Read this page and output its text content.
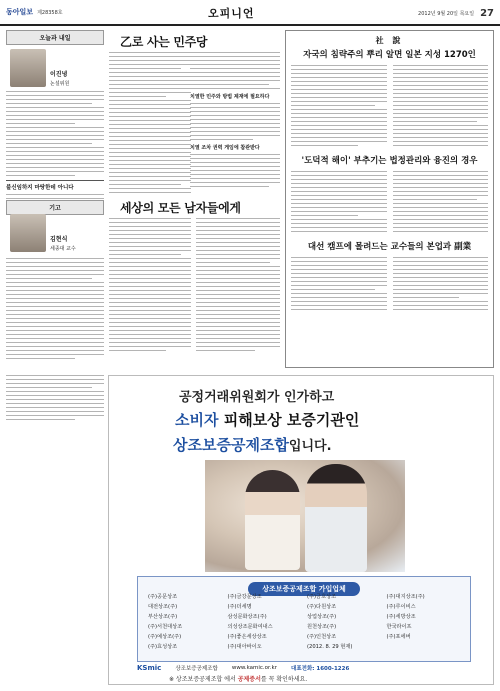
동아일보 제28358호	오피니언	2012년 9월 20일 목요일 27
오늘과 내일
이진녕
논설위원
불신임하지 마땅한데 아니다
乙로 사는 민주당
치열한 민주와 방법 제재에 필요하다
치열 조차 권력 게임에 참관받다
社 說
자국의 침략주의 뿌리 알면 일본 지성 1270인
'도덕적 해이' 부추기는 법정관리와 융진의 경우
대선 캠프에 몰려드는 교수들의 본업과 副業
기고
김현식
세종대 교수
세상의 모든 남자들에게
공정거래위원회가 인가하고
소비자 피해보상 보증기관인
상조보증공제조합입니다.
상조보증공제조합 가입업체
(주)공문상조	(주)금강문상조	(주)금호상조	(주)대지상조(주)
대전상조(주)	(주)더세명	(주)다원상조	(주)루이비스
부산상조(주)	삼성문화상조(주)	상업상조(주)	(주)세방상조
(주)서천대상조	의성상조문화여내스	원천상조(주)	한국라이프
(주)예상조(주)	(주)좋은세상상조	(주)인천상조	(주)포에버
(주)효성상조	(주)대아바이오	(2012. 8. 29 현재)
KSmic	상조보증공제조합	www.kamic.or.kr	대표전화: 1600-1226
※ 상조보증공제조합 에서 공제증서를 꼭 확인하세요.
